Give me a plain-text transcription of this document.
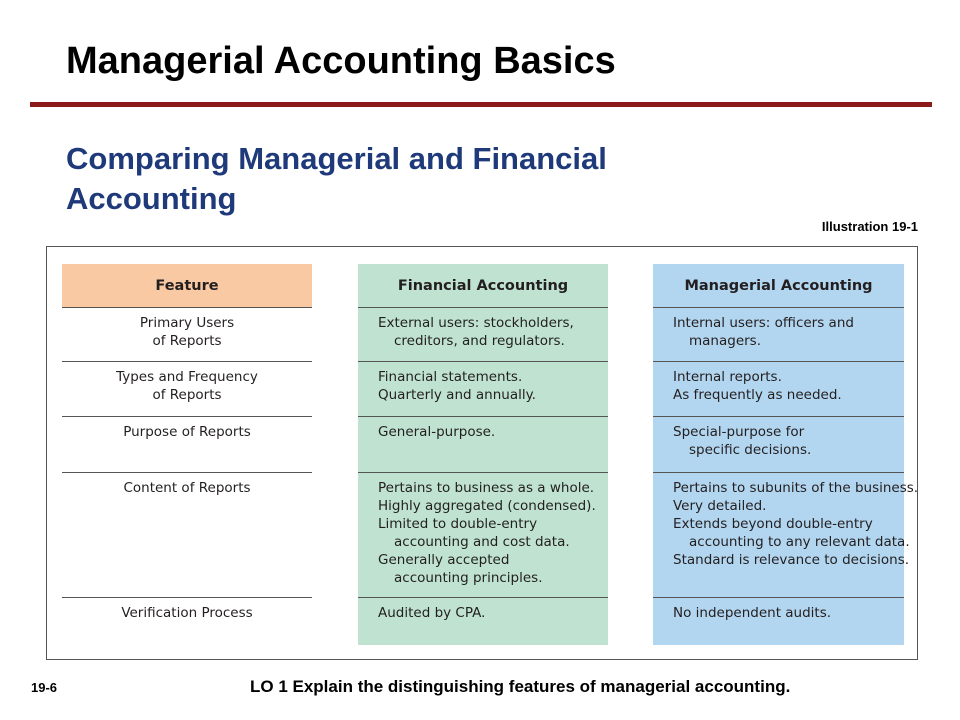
Managerial Accounting Basics
Comparing Managerial and Financial Accounting
Illustration 19-1
Feature
Primary Users
of Reports
Types and Frequency
of Reports
Purpose of Reports
Content of Reports
Verification Process
Financial Accounting
External users: stockholders,
creditors, and regulators.
Financial statements.
Quarterly and annually.
General-purpose.
Pertains to business as a whole.
Highly aggregated (condensed).
Limited to double-entry
accounting and cost data.
Generally accepted
accounting principles.
Audited by CPA.
Managerial Accounting
Internal users: officers and
managers.
Internal reports.
As frequently as needed.
Special-purpose for
specific decisions.
Pertains to subunits of the business.
Very detailed.
Extends beyond double-entry
accounting to any relevant data.
Standard is relevance to decisions.
No independent audits.
19-6	LO 1 Explain the distinguishing features of managerial accounting.
